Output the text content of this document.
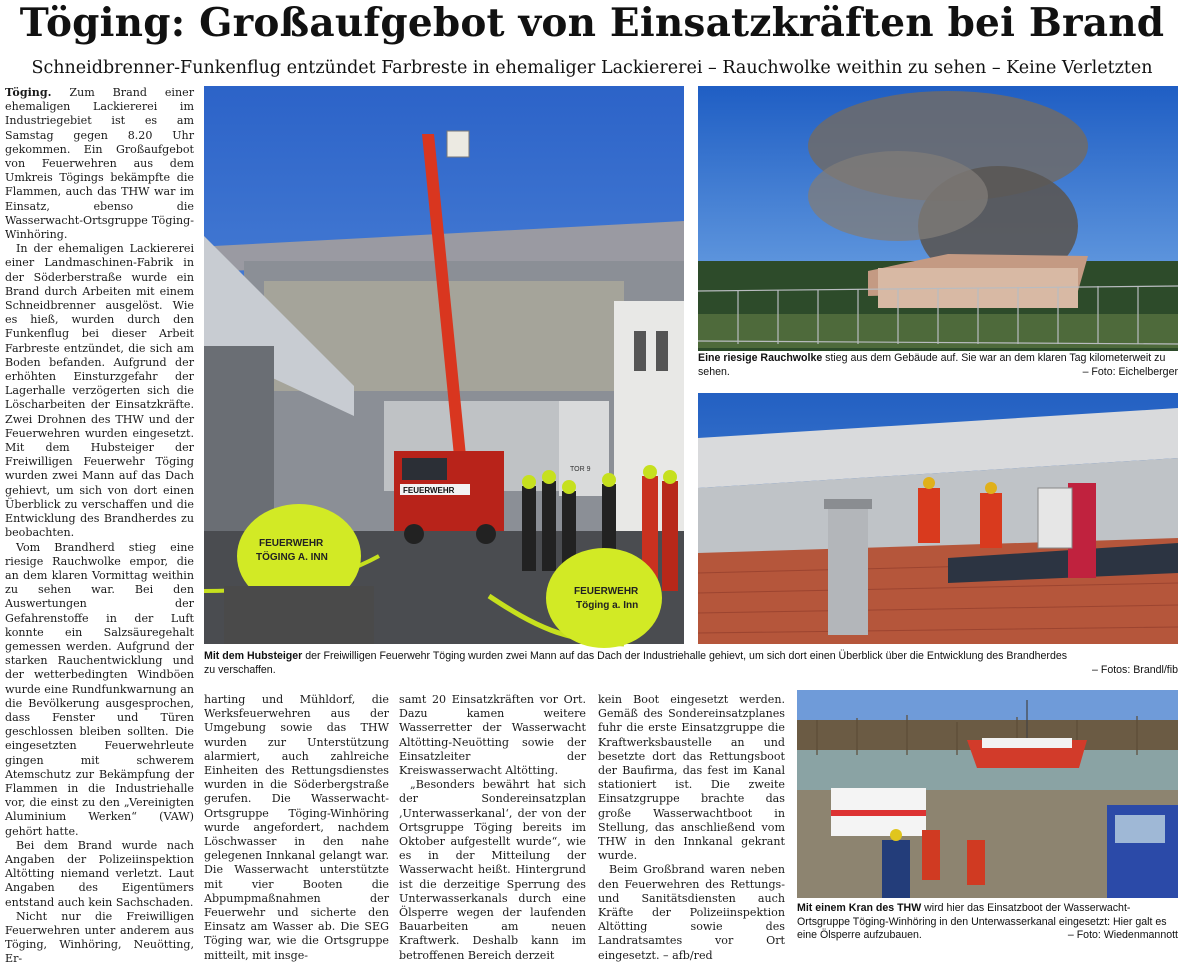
Töging: Großaufgebot von Einsatzkräften bei Brand
Schneidbrenner-Funkenflug entzündet Farbreste in ehemaliger Lackiererei – Rauchwolke weithin zu sehen – Keine Verletzten

Töging. Zum Brand einer ehemaligen Lackiererei im Industriegebiet ist es am Samstag gegen 8.20 Uhr gekommen. Ein Großaufgebot von Feuerwehren aus dem Umkreis Tögings bekämpfte die Flammen, auch das THW war im Einsatz, ebenso die Wasserwacht-Ortsgruppe Töging-Winhöring.

In der ehemaligen Lackiererei einer Landmaschinen-Fabrik in der Söderberstraße wurde ein Brand durch Arbeiten mit einem Schneidbrenner ausgelöst. Wie es hieß, wurden durch den Funkenflug bei dieser Arbeit Farbreste entzündet, die sich am Boden befanden. Aufgrund der erhöhten Einsturzgefahr der Lagerhalle verzögerten sich die Löscharbeiten der Einsatzkräfte. Zwei Drohnen des THW und der Feuerwehren wurden eingesetzt. Mit dem Hubsteiger der Freiwilligen Feuerwehr Töging wurden zwei Mann auf das Dach gehievt, um sich von dort einen Überblick zu verschaffen und die Entwicklung des Brandherdes zu beobachten.

Vom Brandherd stieg eine riesige Rauchwolke empor, die an dem klaren Vormittag weithin zu sehen war. Bei den Auswertungen der Gefahrenstoffe in der Luft konnte ein Salzsäuregehalt gemessen werden. Aufgrund der starken Rauchentwicklung und der wetterbedingten Windböen wurde eine Rundfunkwarnung an die Bevölkerung ausgesprochen, dass Fenster und Türen geschlossen bleiben sollten. Die eingesetzten Feuerwehrleute gingen mit schwerem Atemschutz zur Bekämpfung der Flammen in die Industriehalle vor, die einst zu den „Vereinigten Aluminium Werken“ (VAW) gehört hatte.

Bei dem Brand wurde nach Angaben der Polizeiinspektion Altötting niemand verletzt. Laut Angaben des Eigentümers entstand auch kein Sachschaden.

Nicht nur die Freiwilligen Feuerwehren unter anderem aus Töging, Winhöring, Neuötting, Er-

TOR 9
FEUERWEHR
FEUERWEHR
TÖGING A. INN
FEUERWEHR
Töging a. Inn
Eine riesige Rauchwolke stieg aus dem Gebäude auf. Sie war an dem klaren Tag kilometerweit zu sehen.	– Foto: Eichelberger
Mit dem Hubsteiger der Freiwilligen Feuerwehr Töging wurden zwei Mann auf das Dach der Industriehalle gehievt, um sich dort einen Überblick über die Entwicklung des Brandherdes
zu verschaffen.	– Fotos: Brandl/fib

harting und Mühldorf, die Werksfeuerwehren aus der Umgebung sowie das THW wurden zur Unterstützung alarmiert, auch zahlreiche Einheiten des Rettungsdienstes wurden in die Söderbergstraße gerufen. Die Wasserwacht-Ortsgruppe Töging-Winhöring wurde angefordert, nachdem Löschwasser in den nahe gelegenen Innkanal gelangt war. Die Wasserwacht unterstützte mit vier Booten die Abpumpmaßnahmen der Feuerwehr und sicherte den Einsatz am Wasser ab. Die SEG Töging war, wie die Ortsgruppe mitteilt, mit insge-

samt 20 Einsatzkräften vor Ort. Dazu kamen weitere Wasserretter der Wasserwacht Altötting-Neuötting sowie der Einsatzleiter der Kreiswasserwacht Altötting.

„Besonders bewährt hat sich der Sondereinsatzplan ‚Unterwasserkanal‘, der von der Ortsgruppe Töging bereits im Oktober aufgestellt wurde“, wie es in der Mitteilung der Wasserwacht heißt. Hintergrund ist die derzeitige Sperrung des Unterwasserkanals durch eine Ölsperre wegen der laufenden Bauarbeiten am neuen Kraftwerk. Deshalb kann im betroffenen Bereich derzeit

kein Boot eingesetzt werden. Gemäß des Sondereinsatzplanes fuhr die erste Einsatzgruppe die Kraftwerksbaustelle an und besetzte dort das Rettungsboot der Baufirma, das fest im Kanal stationiert ist. Die zweite Einsatzgruppe brachte das große Wasserwachtboot in Stellung, das anschließend vom THW in den Innkanal gekrant wurde.

Beim Großbrand waren neben den Feuerwehren des Rettungs- und Sanitätsdiensten auch Kräfte der Polizeiinspektion Altötting sowie des Landratsamtes vor Ort eingesetzt. – afb/red

Mit einem Kran des THW wird hier das Einsatzboot der Wasserwacht-Ortsgruppe Töging-Winhöring in den Unterwasserkanal eingesetzt: Hier galt es eine Ölsperre aufzubauen.	– Foto: Wiedenmannott
